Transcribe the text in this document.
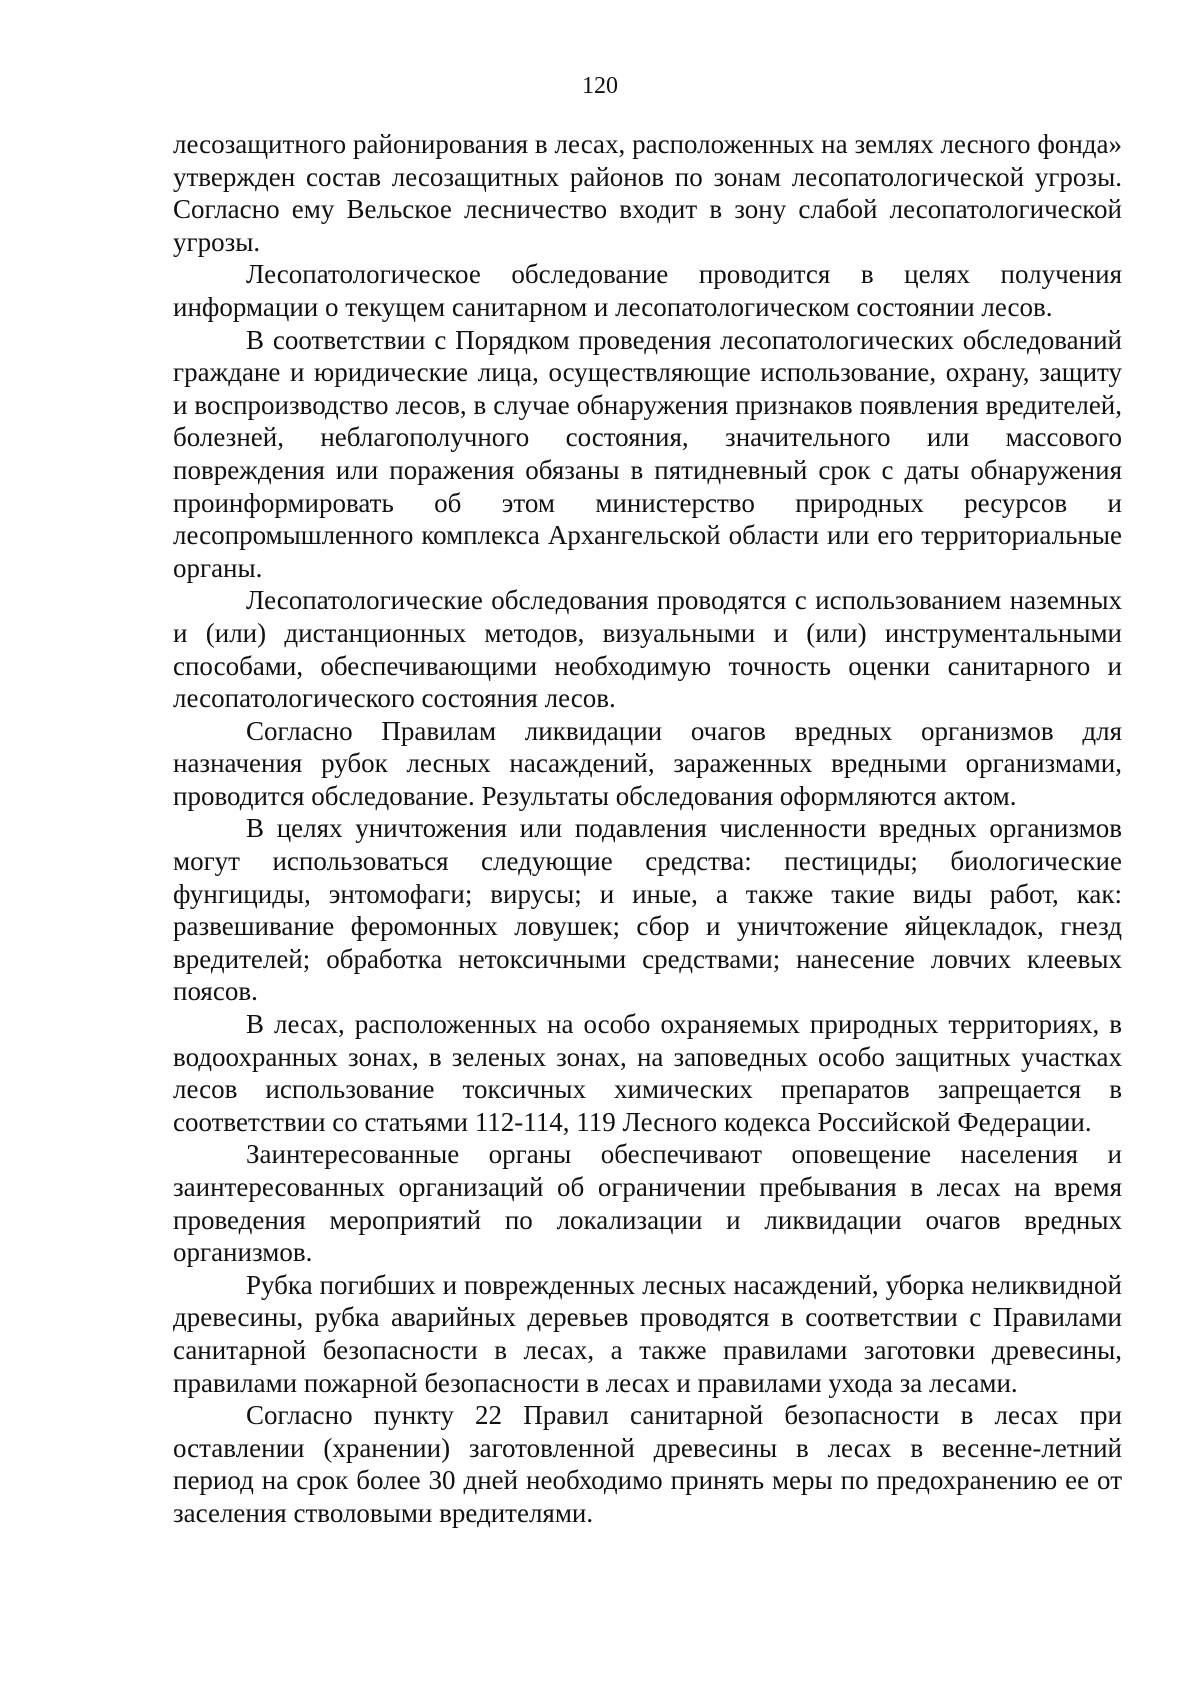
120

лесозащитного районирования в лесах, расположенных на землях лесного фонда» утвержден состав лесозащитных районов по зонам лесопатологической угрозы. Согласно ему Вельское лесничество входит в зону слабой лесопатологической угрозы.

Лесопатологическое обследование проводится в целях получения информации о текущем санитарном и лесопатологическом состоянии лесов.

В соответствии с Порядком проведения лесопатологических обследований граждане и юридические лица, осуществляющие использование, охрану, защиту и воспроизводство лесов, в случае обнаружения признаков появления вредителей, болезней, неблагополучного состояния, значительного или массового повреждения или поражения обязаны в пятидневный срок с даты обнаружения проинформировать об этом министерство природных ресурсов и лесопромышленного комплекса Архангельской области или его территориальные органы.

Лесопатологические обследования проводятся с использованием наземных и (или) дистанционных методов, визуальными и (или) инструментальными способами, обеспечивающими необходимую точность оценки санитарного и лесопатологического состояния лесов.

Согласно Правилам ликвидации очагов вредных организмов для назначения рубок лесных насаждений, зараженных вредными организмами, проводится обследование. Результаты обследования оформляются актом.

В целях уничтожения или подавления численности вредных организмов могут использоваться следующие средства: пестициды; биологические фунгициды, энтомофаги; вирусы; и иные, а также такие виды работ, как: развешивание феромонных ловушек; сбор и уничтожение яйцекладок, гнезд вредителей; обработка нетоксичными средствами; нанесение ловчих клеевых поясов.

В лесах, расположенных на особо охраняемых природных территориях, в водоохранных зонах, в зеленых зонах, на заповедных особо защитных участках лесов использование токсичных химических препаратов запрещается в соответствии со статьями 112-114, 119 Лесного кодекса Российской Федерации.

Заинтересованные органы обеспечивают оповещение населения и заинтересованных организаций об ограничении пребывания в лесах на время проведения мероприятий по локализации и ликвидации очагов вредных организмов.

Рубка погибших и поврежденных лесных насаждений, уборка неликвидной древесины, рубка аварийных деревьев проводятся в соответствии с Правилами санитарной безопасности в лесах, а также правилами заготовки древесины, правилами пожарной безопасности в лесах и правилами ухода за лесами.

Согласно пункту 22 Правил санитарной безопасности в лесах при оставлении (хранении) заготовленной древесины в лесах в весенне-летний период на срок более 30 дней необходимо принять меры по предохранению ее от заселения стволовыми вредителями.
